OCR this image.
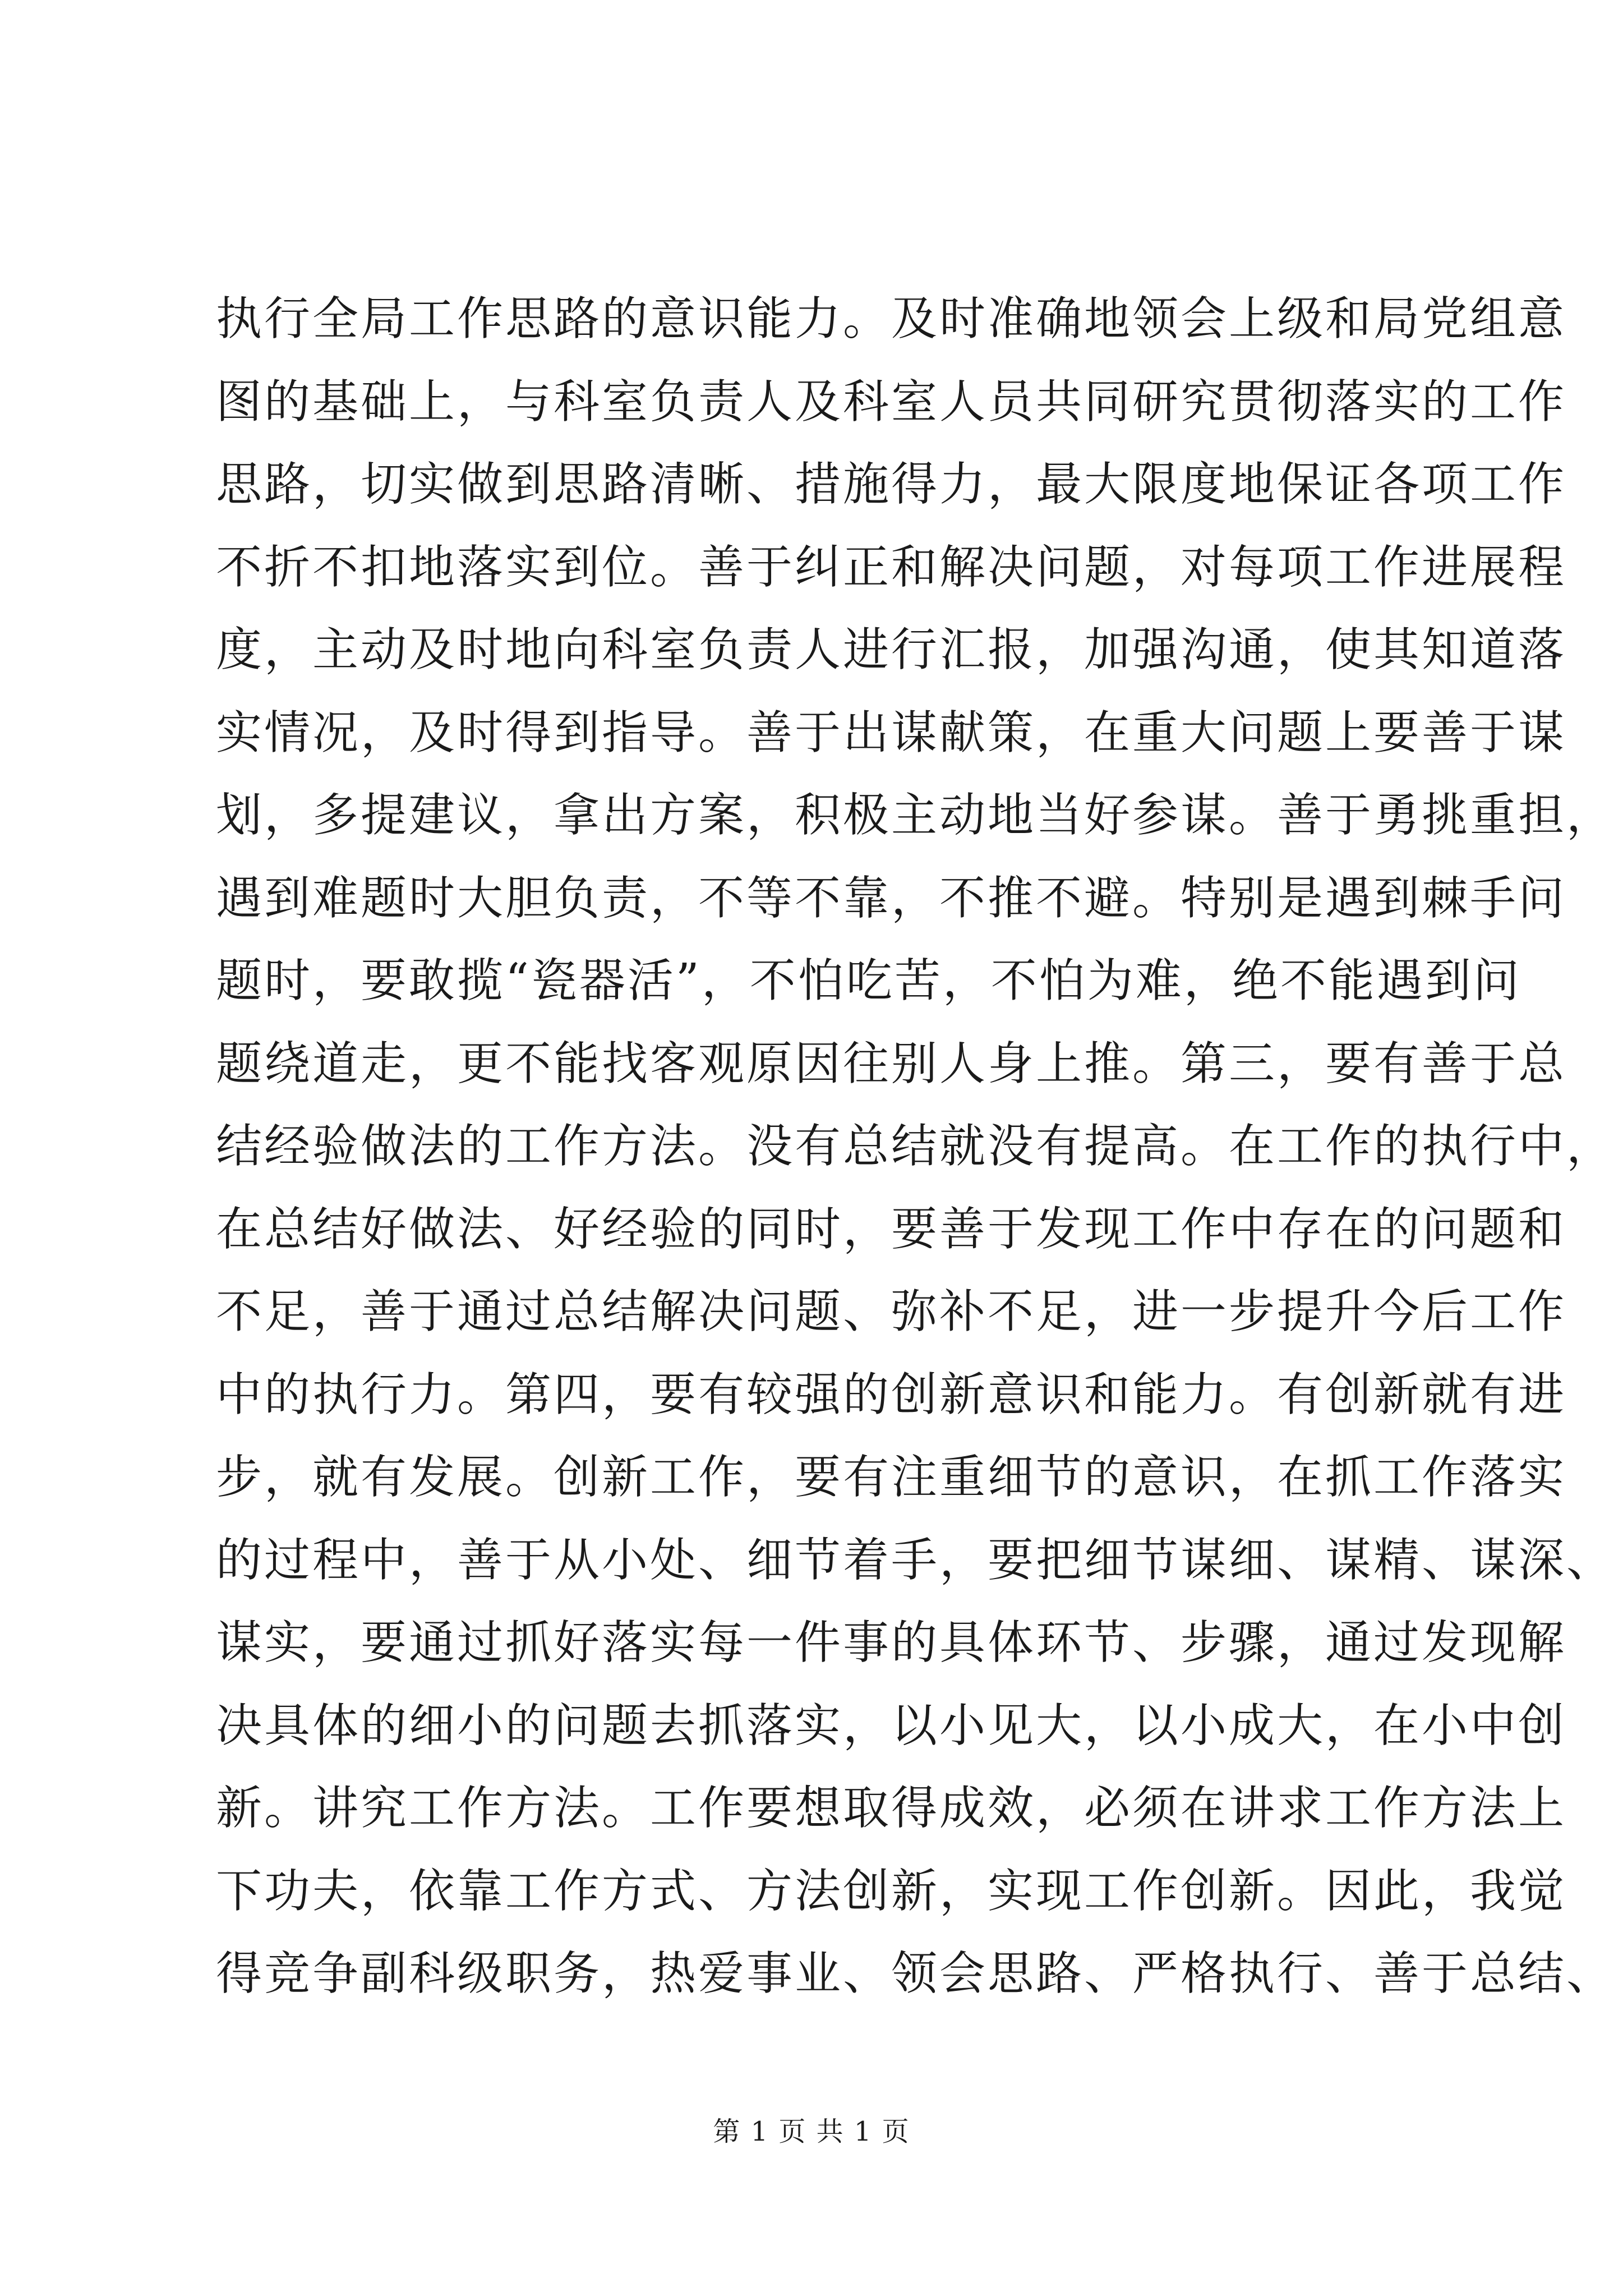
执行全局工作思路的意识能力。及时准确地领会上级和局党组意
图的基础上，与科室负责人及科室人员共同研究贯彻落实的工作
思路，切实做到思路清晰、措施得力，最大限度地保证各项工作
不折不扣地落实到位。善于纠正和解决问题，对每项工作进展程
度，主动及时地向科室负责人进行汇报，加强沟通，使其知道落
实情况，及时得到指导。善于出谋献策，在重大问题上要善于谋
划，多提建议，拿出方案，积极主动地当好参谋。善于勇挑重担，
遇到难题时大胆负责，不等不靠，不推不避。特别是遇到棘手问
题时，要敢揽“瓷器活”，不怕吃苦，不怕为难，绝不能遇到问
题绕道走，更不能找客观原因往别人身上推。第三，要有善于总
结经验做法的工作方法。没有总结就没有提高。在工作的执行中，
在总结好做法、好经验的同时，要善于发现工作中存在的问题和
不足，善于通过总结解决问题、弥补不足，进一步提升今后工作
中的执行力。第四，要有较强的创新意识和能力。有创新就有进
步，就有发展。创新工作，要有注重细节的意识，在抓工作落实
的过程中，善于从小处、细节着手，要把细节谋细、谋精、谋深、
谋实，要通过抓好落实每一件事的具体环节、步骤，通过发现解
决具体的细小的问题去抓落实，以小见大，以小成大，在小中创
新。讲究工作方法。工作要想取得成效，必须在讲求工作方法上
下功夫，依靠工作方式、方法创新，实现工作创新。因此，我觉
得竞争副科级职务，热爱事业、领会思路、严格执行、善于总结、
第 1 页 共 1 页
